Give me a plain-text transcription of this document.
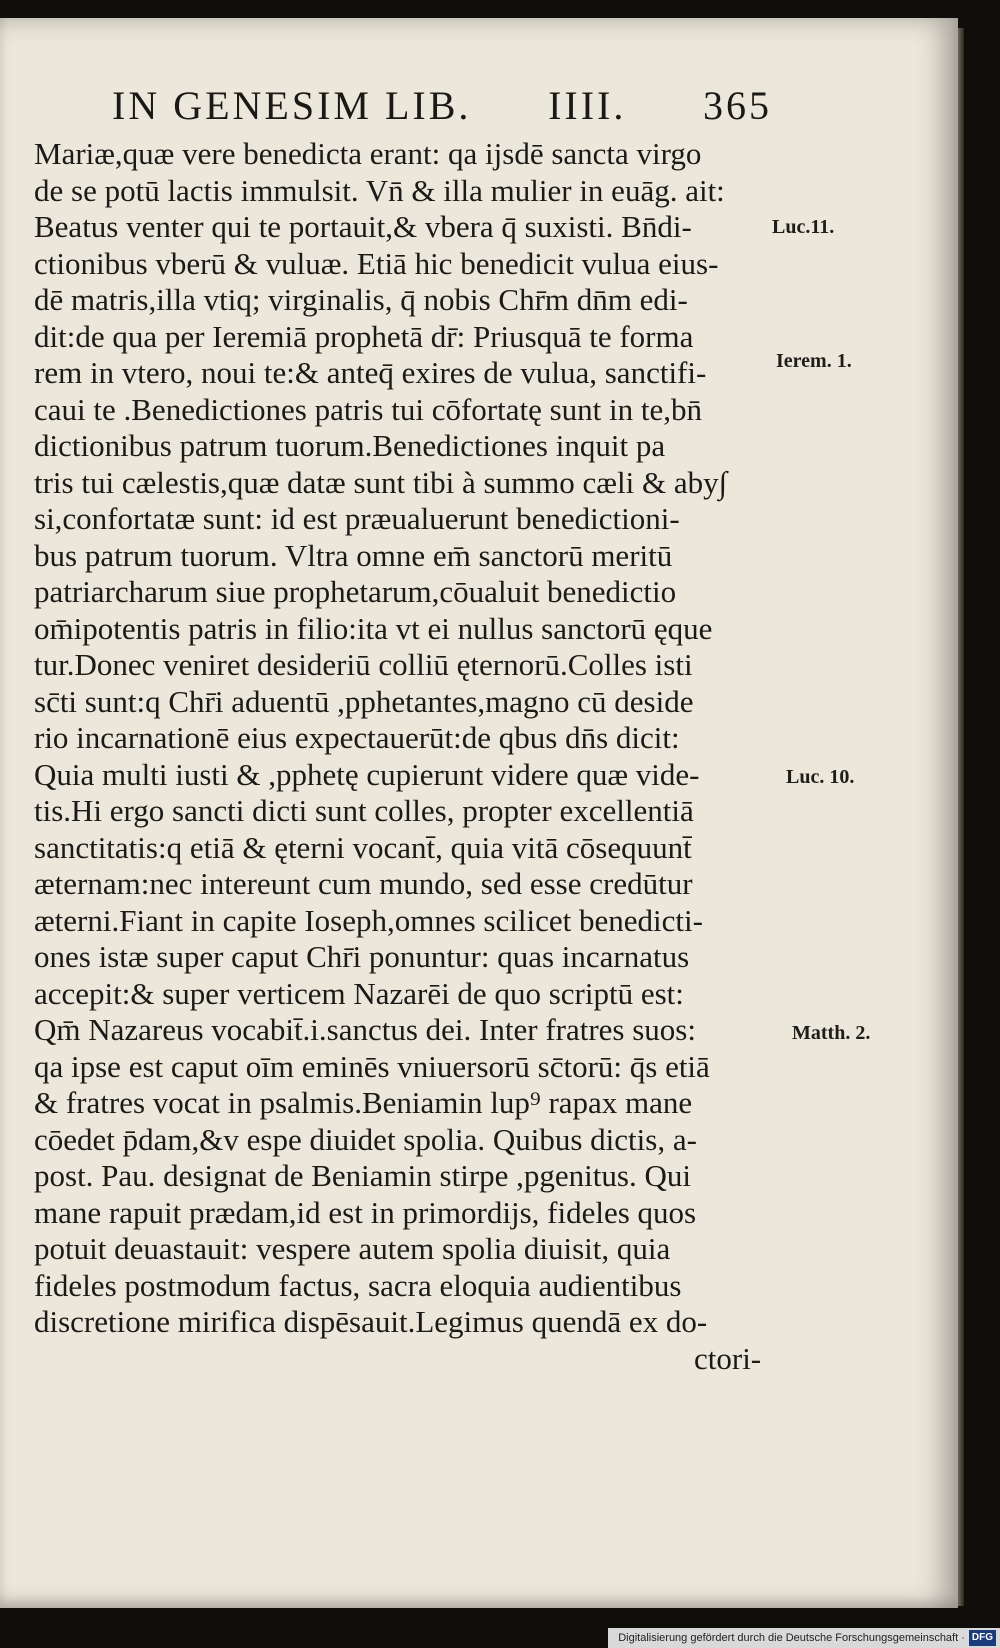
IN GENESIM LIB. IIII. 365
Mariæ,quæ vere benedicta erant: qa ijsdē sancta virgo
de se potū lactis immulsit. Vn̄ & illa mulier in euāg. ait:
Beatus venter qui te portauit,& vbera q̄ suxisti. Bn̄di-
ctionibus vberū & vuluæ. Etiā hic benedicit vulua eius-
dē matris,illa vtiq; virginalis, q̄ nobis Chr̄m dn̄m edi-
dit:de qua per Ieremiā prophetā dr̄: Priusquā te forma
rem in vtero, noui te:& anteq̄ exires de vulua, sanctifi-
caui te .Benedictiones patris tui cōfortatę sunt in te,bn̄
dictionibus patrum tuorum.Benedictiones inquit pa
tris tui cælestis,quæ datæ sunt tibi à summo cæli & aby∫
si,confortatæ sunt: id est præualuerunt benedictioni-
bus patrum tuorum. Vltra omne em̄ sanctorū meritū
patriarcharum siue prophetarum,cōualuit benedictio
om̄ipotentis patris in filio:ita vt ei nullus sanctorū ęque
tur.Donec veniret desideriū colliū ęternorū.Colles isti
sc̄ti sunt:q Chr̄i aduentū ,pphetantes,magno cū deside
rio incarnationē eius expectauerūt:de qbus dn̄s dicit:
Quia multi iusti & ,pphetę cupierunt videre quæ vide-
tis.Hi ergo sancti dicti sunt colles, propter excellentiā
sanctitatis:q etiā & ęterni vocant̄, quia vitā cōsequunt̄
æternam:nec intereunt cum mundo, sed esse credūtur
æterni.Fiant in capite Ioseph,omnes scilicet benedicti-
ones istæ super caput Chr̄i ponuntur: quas incarnatus
accepit:& super verticem Nazarēi de quo scriptū est:
Qm̄ Nazareus vocabit̄.i.sanctus dei. Inter fratres suos:
qa ipse est caput oīm eminēs vniuersorū sc̄torū: q̄s etiā
& fratres vocat in psalmis.Beniamin lup⁹ rapax mane
cōedet p̄dam,&v espe diuidet spolia. Quibus dictis, a-
post. Pau. designat de Beniamin stirpe ,pgenitus. Qui
mane rapuit prædam,id est in primordijs, fideles quos
potuit deuastauit: vespere autem spolia diuisit, quia
fideles postmodum factus, sacra eloquia audientibus
discretione mirifica dispēsauit.Legimus quendā ex do-
ctori-
Luc.11.
Ierem. 1.
Luc. 10.
Matth. 2.
Digitalisierung gefördert durch die Deutsche Forschungsgemeinschaft · DFG
